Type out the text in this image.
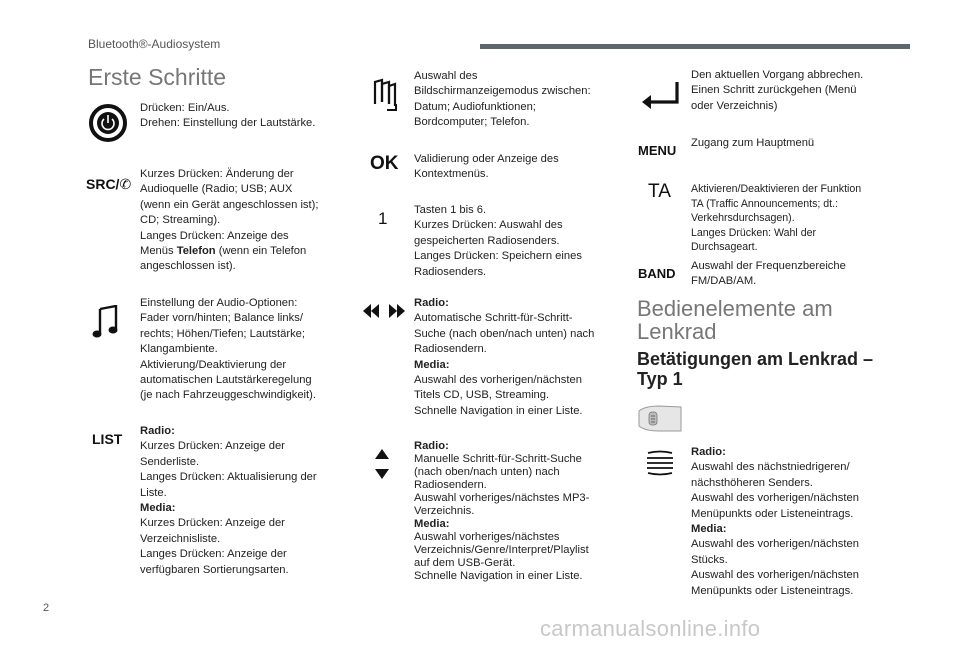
Bluetooth®-Audiosystem
Erste Schritte
Drücken: Ein/Aus.
Drehen: Einstellung der Lautstärke.
SRC/✆
Kurzes Drücken: Änderung der
Audioquelle (Radio; USB; AUX
(wenn ein Gerät angeschlossen ist);
CD; Streaming).
Langes Drücken: Anzeige des
Menüs Telefon (wenn ein Telefon
angeschlossen ist).
Einstellung der Audio-Optionen:
Fader vorn/hinten; Balance links/
rechts; Höhen/Tiefen; Lautstärke;
Klangambiente.
Aktivierung/Deaktivierung der
automatischen Lautstärkeregelung
(je nach Fahrzeuggeschwindigkeit).
LIST Radio:
Kurzes Drücken: Anzeige der
Senderliste.
Langes Drücken: Aktualisierung der
Liste.
Media:
Kurzes Drücken: Anzeige der
Verzeichnisliste.
Langes Drücken: Anzeige der
verfügbaren Sortierungsarten.
Auswahl des
Bildschirmanzeigemodus zwischen:
Datum; Audiofunktionen;
Bordcomputer; Telefon.
OK Validierung oder Anzeige des
Kontextmenüs.
1 Tasten 1 bis 6.
Kurzes Drücken: Auswahl des
gespeicherten Radiosenders.
Langes Drücken: Speichern eines
Radiosenders.
Radio:
Automatische Schritt-für-Schritt-
Suche (nach oben/nach unten) nach
Radiosendern.
Media:
Auswahl des vorherigen/nächsten
Titels CD, USB, Streaming.
Schnelle Navigation in einer Liste.
Radio:
Manuelle Schritt-für-Schritt-Suche
(nach oben/nach unten) nach
Radiosendern.
Auswahl vorheriges/nächstes MP3-
Verzeichnis.
Media:
Auswahl vorheriges/nächstes
Verzeichnis/Genre/Interpret/Playlist
auf dem USB-Gerät.
Schnelle Navigation in einer Liste.
Den aktuellen Vorgang abbrechen.
Einen Schritt zurückgehen (Menü
oder Verzeichnis)
MENU Zugang zum Hauptmenü
TA Aktivieren/Deaktivieren der Funktion
TA (Traffic Announcements; dt.:
Verkehrsdurchsagen).
Langes Drücken: Wahl der
Durchsageart.
BAND Auswahl der Frequenzbereiche
FM/DAB/AM.
Bedienelemente am Lenkrad
Betätigungen am Lenkrad – Typ 1
Radio:
Auswahl des nächstniedrigeren/
nächsthöheren Senders.
Auswahl des vorherigen/nächsten
Menüpunkts oder Listeneintrags.
Media:
Auswahl des vorherigen/nächsten
Stücks.
Auswahl des vorherigen/nächsten
Menüpunkts oder Listeneintrags.
2
carmanualsonline.info
